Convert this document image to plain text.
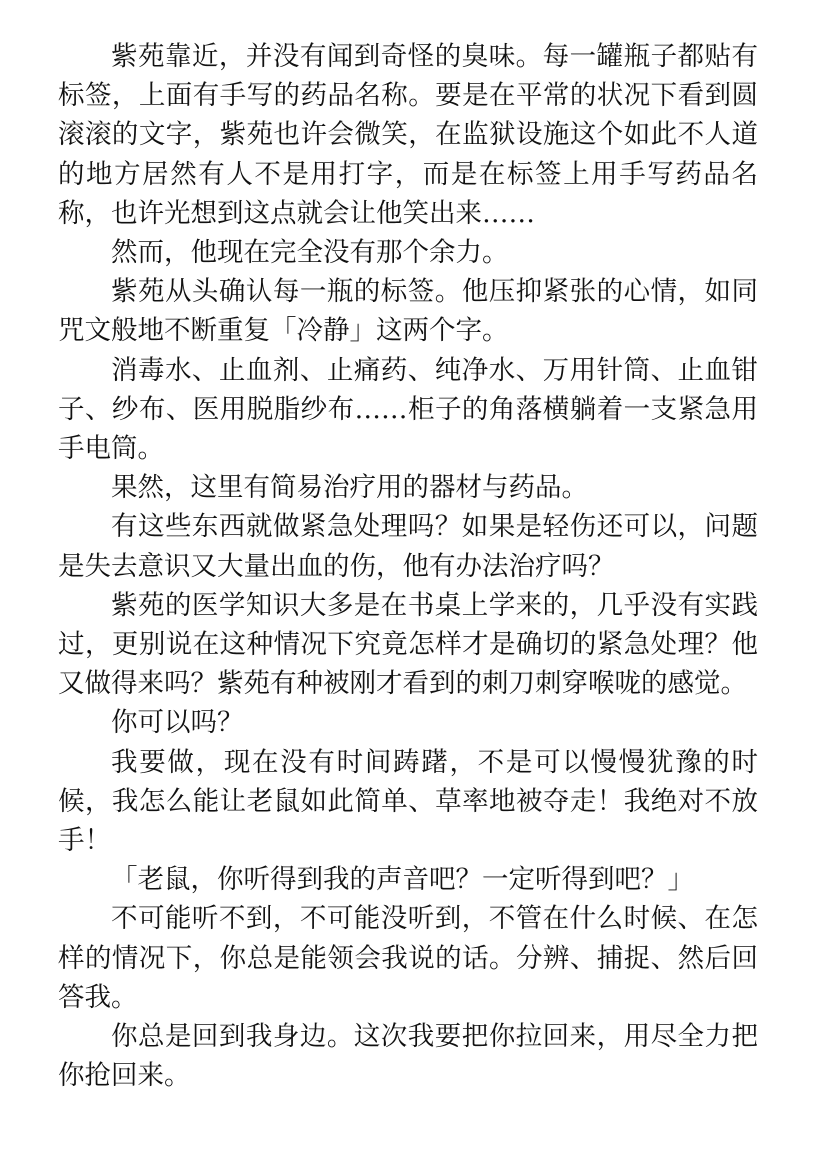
紫苑靠近，并没有闻到奇怪的臭味。每一罐瓶子都贴有标签，上面有手写的药品名称。要是在平常的状况下看到圆滚滚的文字，紫苑也许会微笑，在监狱设施这个如此不人道的地方居然有人不是用打字，而是在标签上用手写药品名称，也许光想到这点就会让他笑出来……

然而，他现在完全没有那个余力。

紫苑从头确认每一瓶的标签。他压抑紧张的心情，如同咒文般地不断重复「冷静」这两个字。

消毒水、止血剂、止痛药、纯净水、万用针筒、止血钳子、纱布、医用脱脂纱布……柜子的角落横躺着一支紧急用手电筒。

果然，这里有简易治疗用的器材与药品。

有这些东西就做紧急处理吗？如果是轻伤还可以，问题是失去意识又大量出血的伤，他有办法治疗吗？

紫苑的医学知识大多是在书桌上学来的，几乎没有实践过，更别说在这种情况下究竟怎样才是确切的紧急处理？他又做得来吗？紫苑有种被刚才看到的刺刀刺穿喉咙的感觉。

你可以吗？

我要做，现在没有时间踌躇，不是可以慢慢犹豫的时候，我怎么能让老鼠如此简单、草率地被夺走！我绝对不放手！

「老鼠，你听得到我的声音吧？一定听得到吧？」

不可能听不到，不可能没听到，不管在什么时候、在怎样的情况下，你总是能领会我说的话。分辨、捕捉、然后回答我。

你总是回到我身边。这次我要把你拉回来，用尽全力把你抢回来。
